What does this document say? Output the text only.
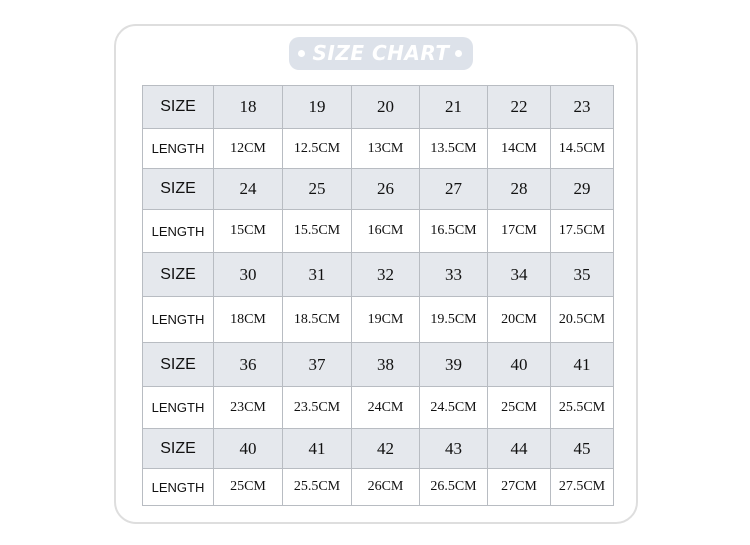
SIZE CHART
SIZE	18	19	20	21	22	23
LENGTH	12CM	12.5CM	13CM	13.5CM	14CM	14.5CM
SIZE	24	25	26	27	28	29
LENGTH	15CM	15.5CM	16CM	16.5CM	17CM	17.5CM
SIZE	30	31	32	33	34	35
LENGTH	18CM	18.5CM	19CM	19.5CM	20CM	20.5CM
SIZE	36	37	38	39	40	41
LENGTH	23CM	23.5CM	24CM	24.5CM	25CM	25.5CM
SIZE	40	41	42	43	44	45
LENGTH	25CM	25.5CM	26CM	26.5CM	27CM	27.5CM
